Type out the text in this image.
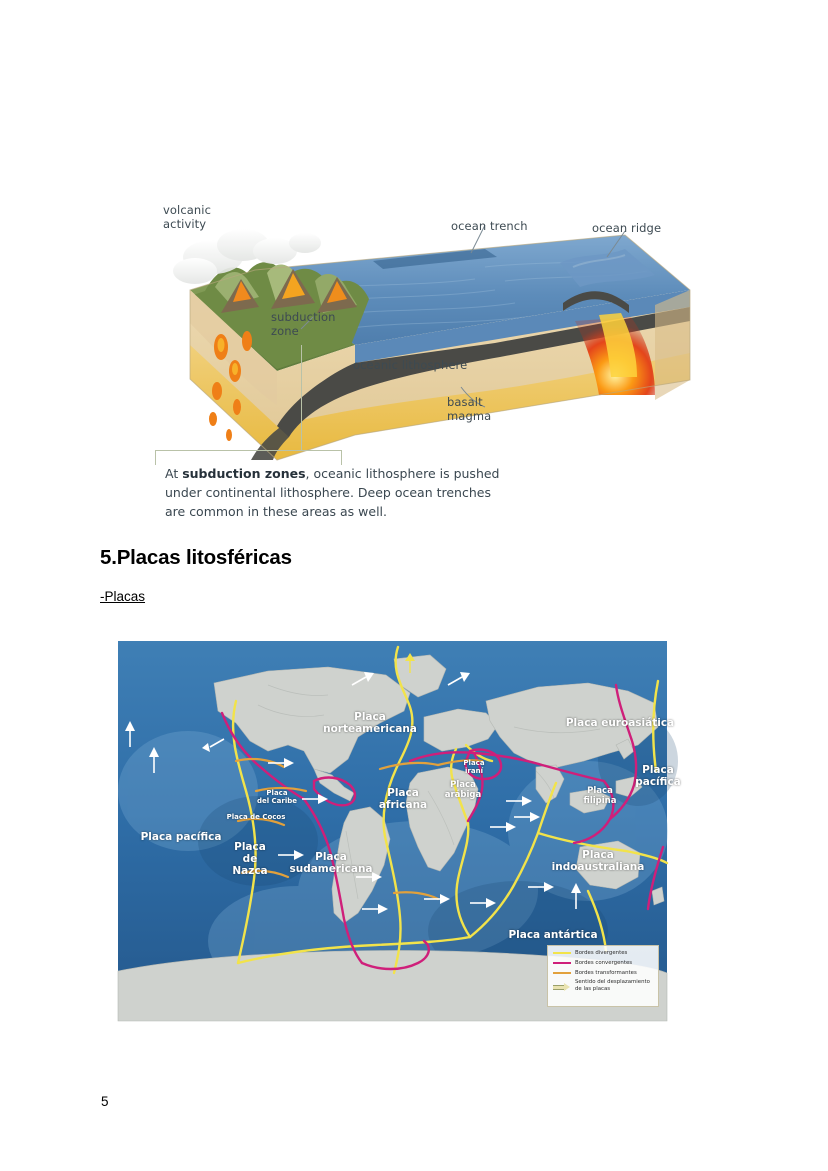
volcanic
activity	ocean trench	ocean ridge
subduction
zone
oceanic lithosphere
basalt
magma
At subduction zones, oceanic lithosphere is pushed under continental lithosphere. Deep ocean trenches are common in these areas as well.
5.Placas litosféricas
-Placas
Placa
norteamericana
Placa euroasiática
Placa
pacífica
Placa pacífica
Placa
africana
Placa
arábiga
Placa
iraní
Placa
del Caribe
Placa de Cocos
Placa
filipina
Placa
de
Nazca
Placa
sudamericana
Placa
indoaustraliana
Placa antártica
Bordes divergentes
Bordes convergentes
Bordes transformantes
Sentido del desplazamiento
de las placas
5
